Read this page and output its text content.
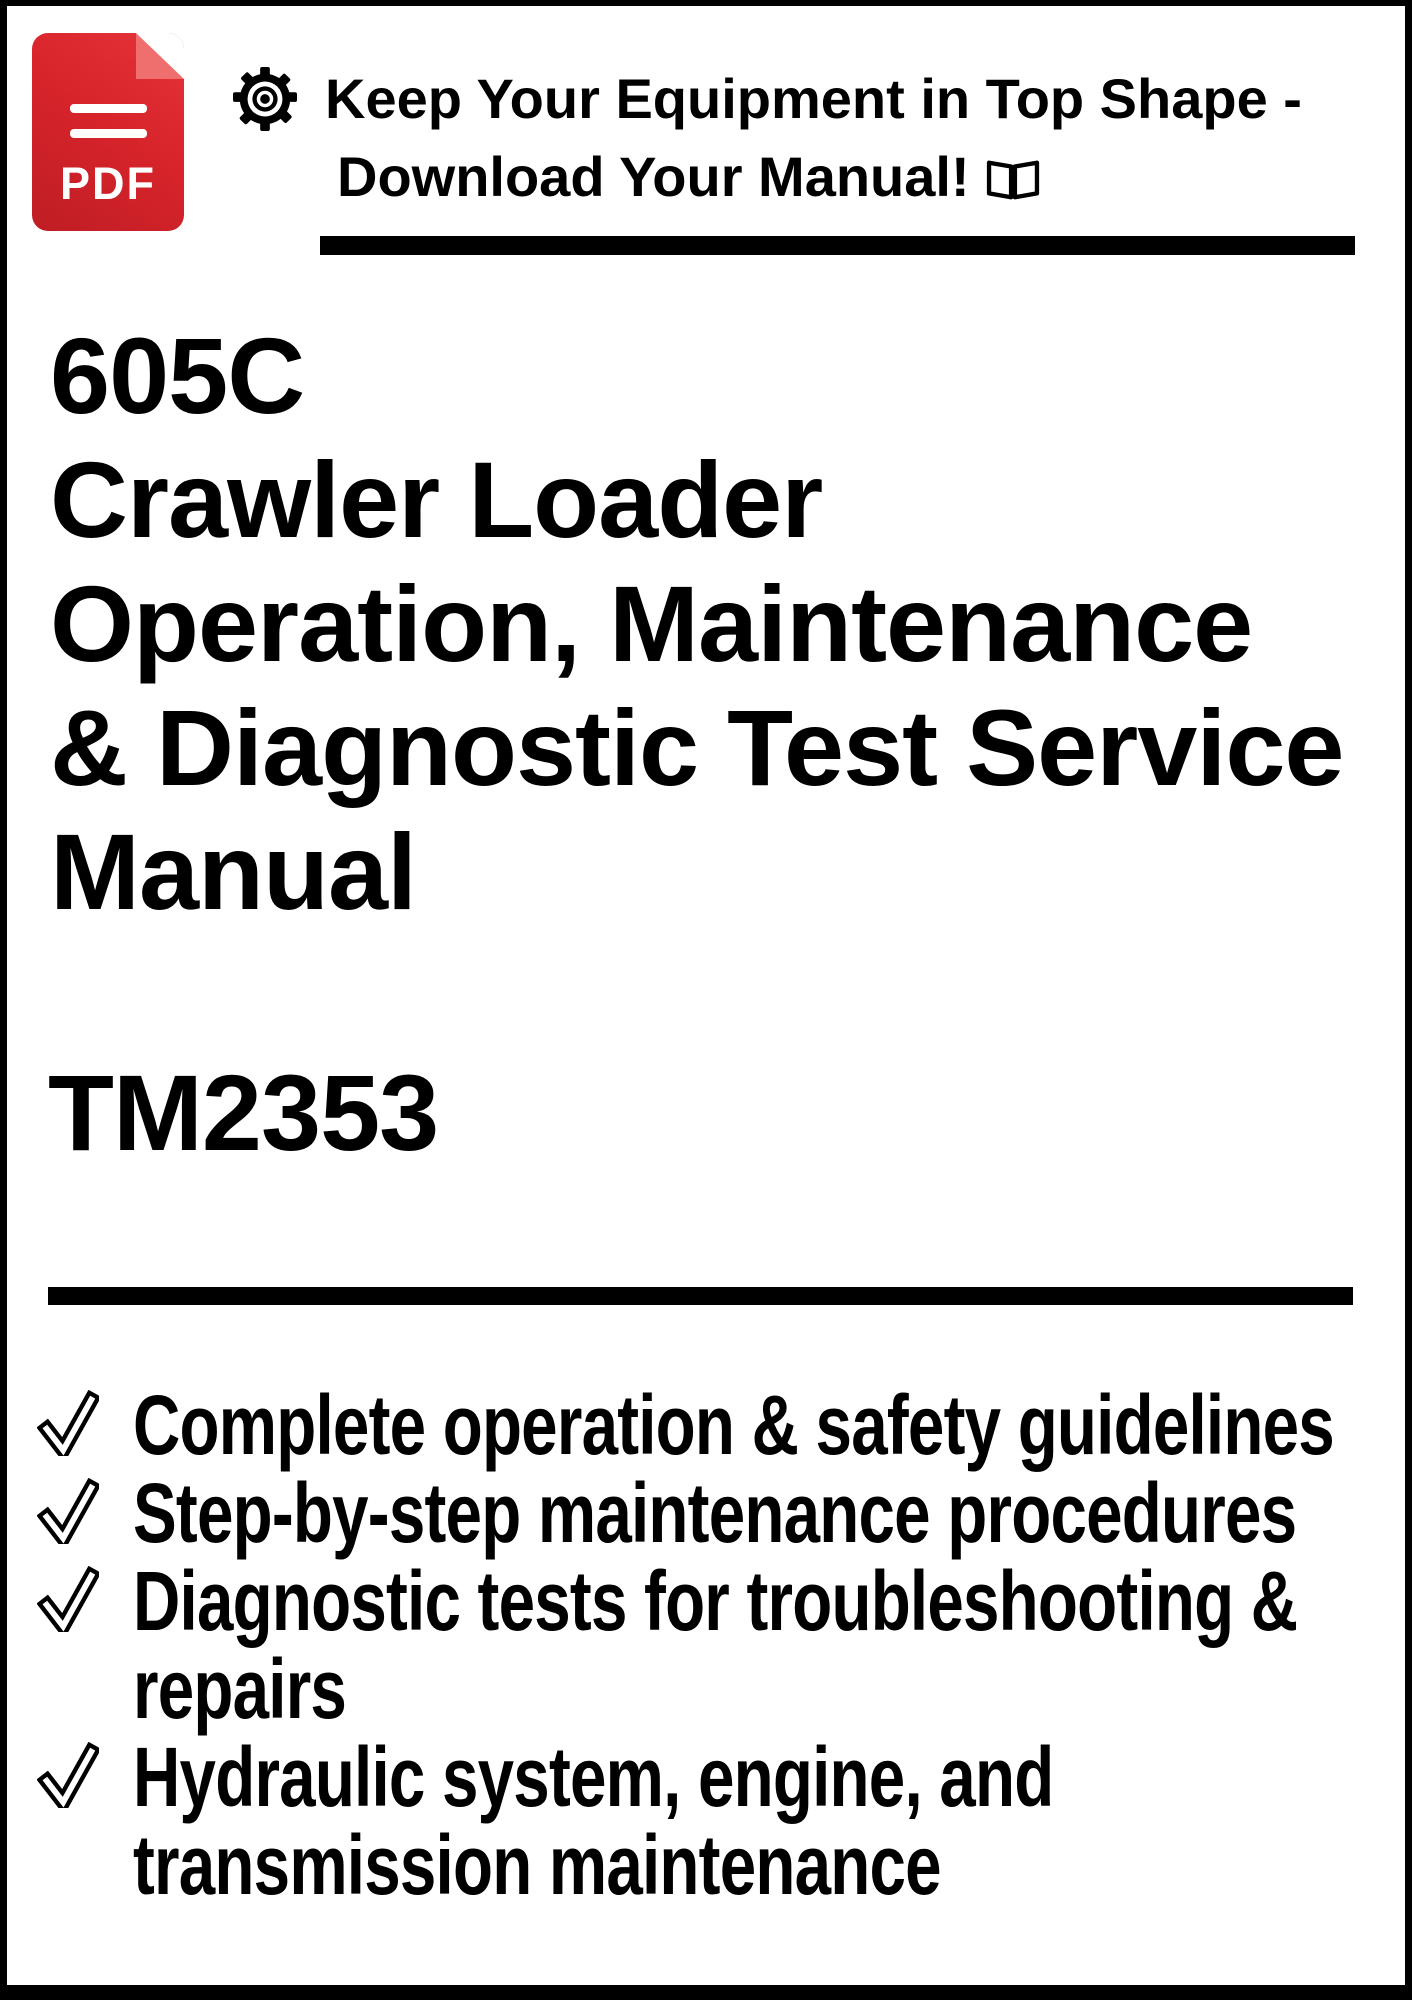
PDF
Keep Your Equipment in Top Shape -
Download Your Manual!
605C
Crawler Loader
Operation, Maintenance
& Diagnostic Test Service
Manual
TM2353
Complete operation & safety guidelines
Step-by-step maintenance procedures
Diagnostic tests for troubleshooting &
repairs
Hydraulic system, engine, and
transmission maintenance
